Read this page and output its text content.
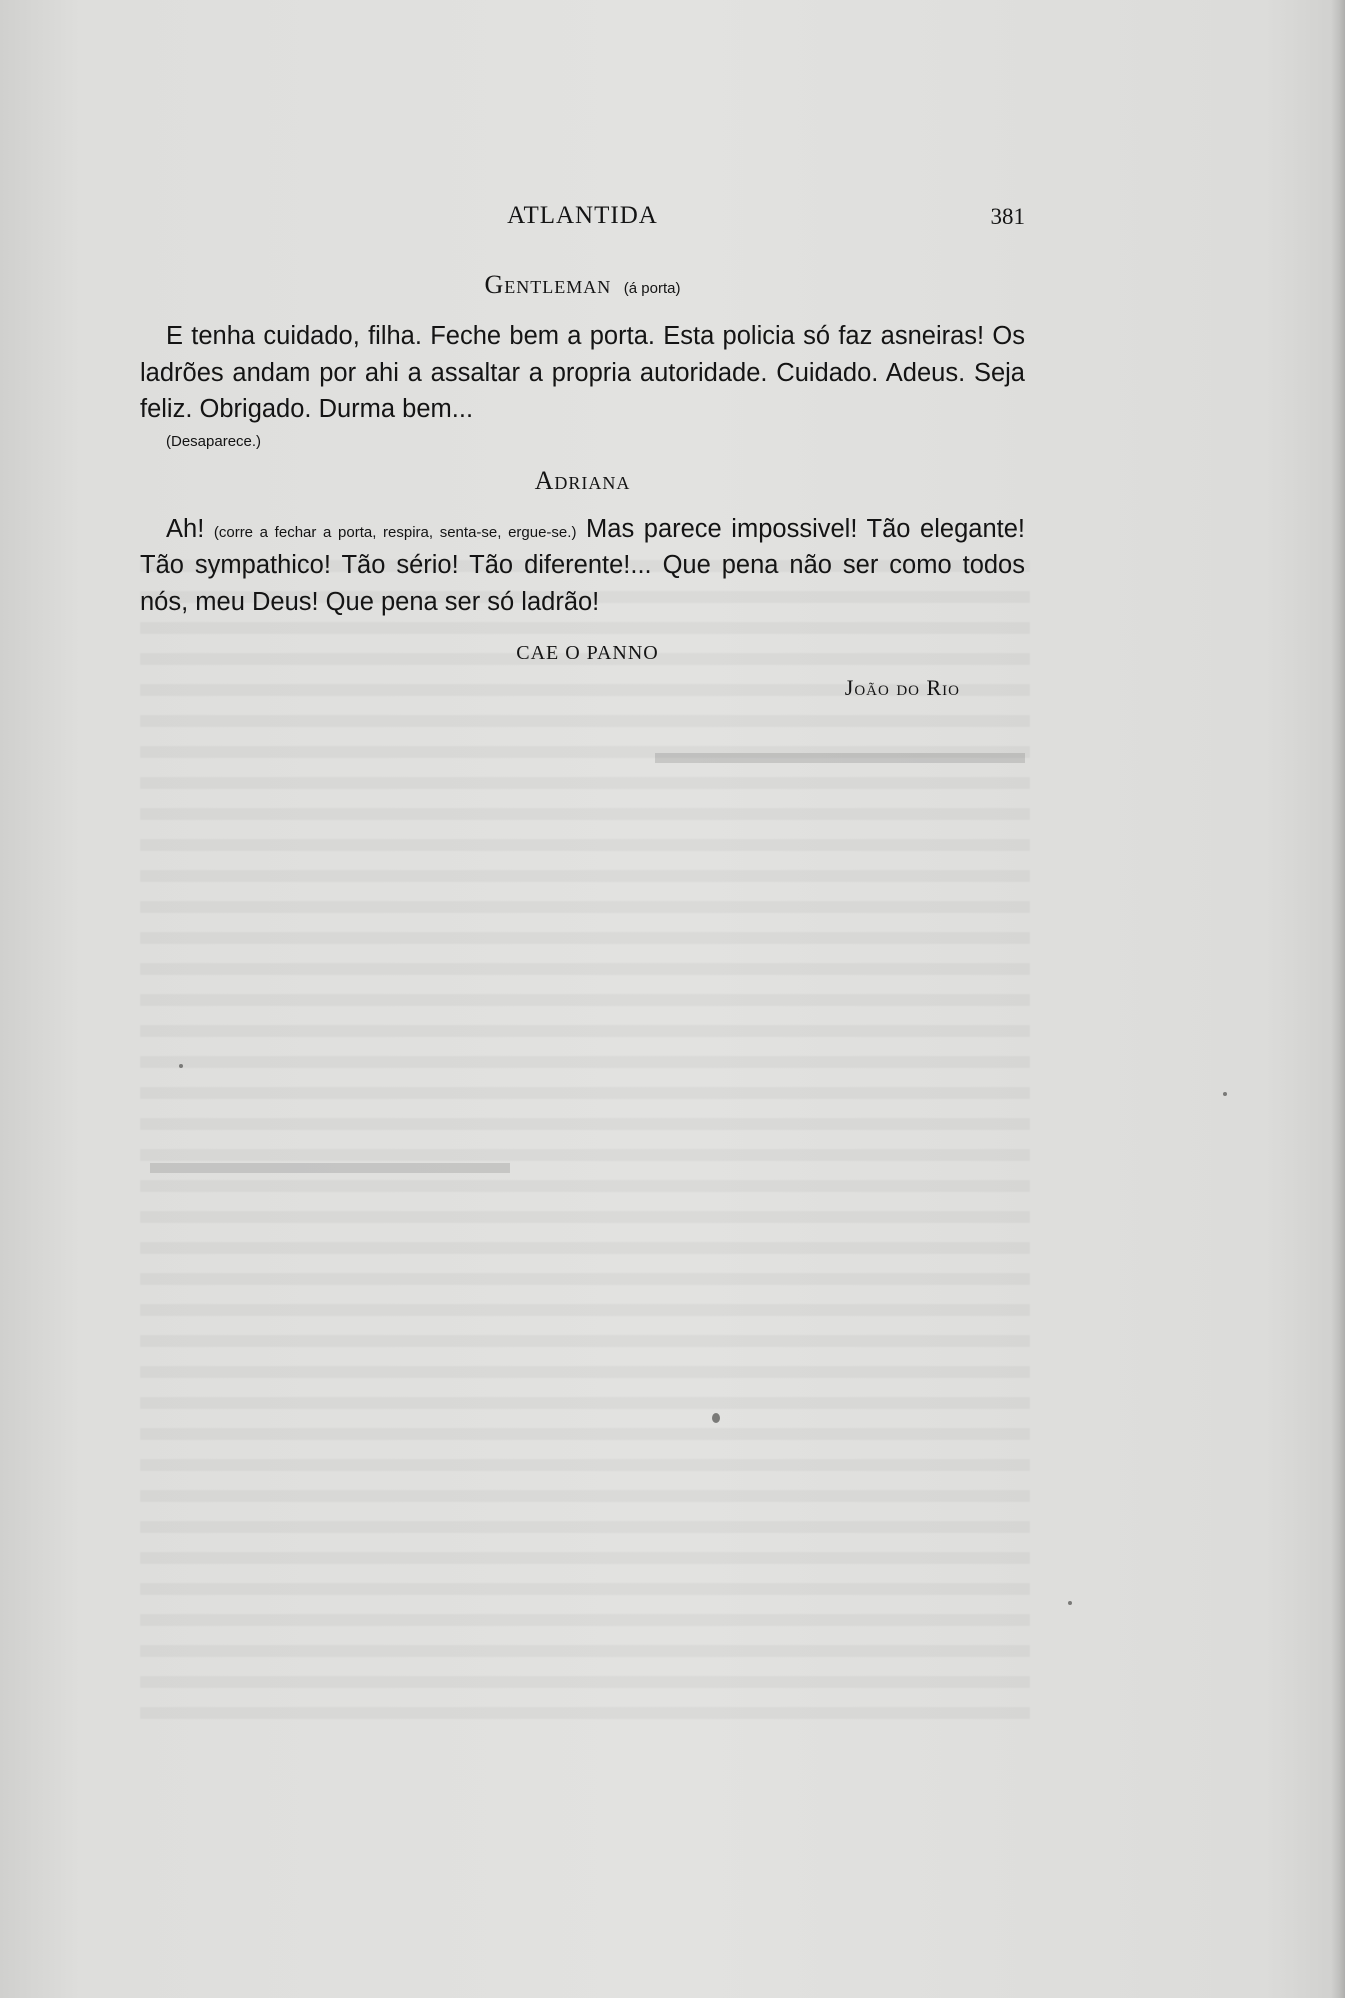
ATLANTIDA	381

Gentleman (á porta)

E tenha cuidado, filha. Feche bem a porta. Esta policia só faz asneiras! Os ladrões andam por ahi a assaltar a propria autoridade. Cuidado. Adeus. Seja feliz. Obrigado. Durma bem...
(Desaparece.)

Adriana

Ah! (corre a fechar a porta, respira, senta-se, ergue-se.) Mas parece impossivel! Tão elegante! Tão sympathico! Tão sério! Tão diferente!... Que pena não ser como todos nós, meu Deus! Que pena ser só ladrão!

CAE O PANNO

João do Rio
